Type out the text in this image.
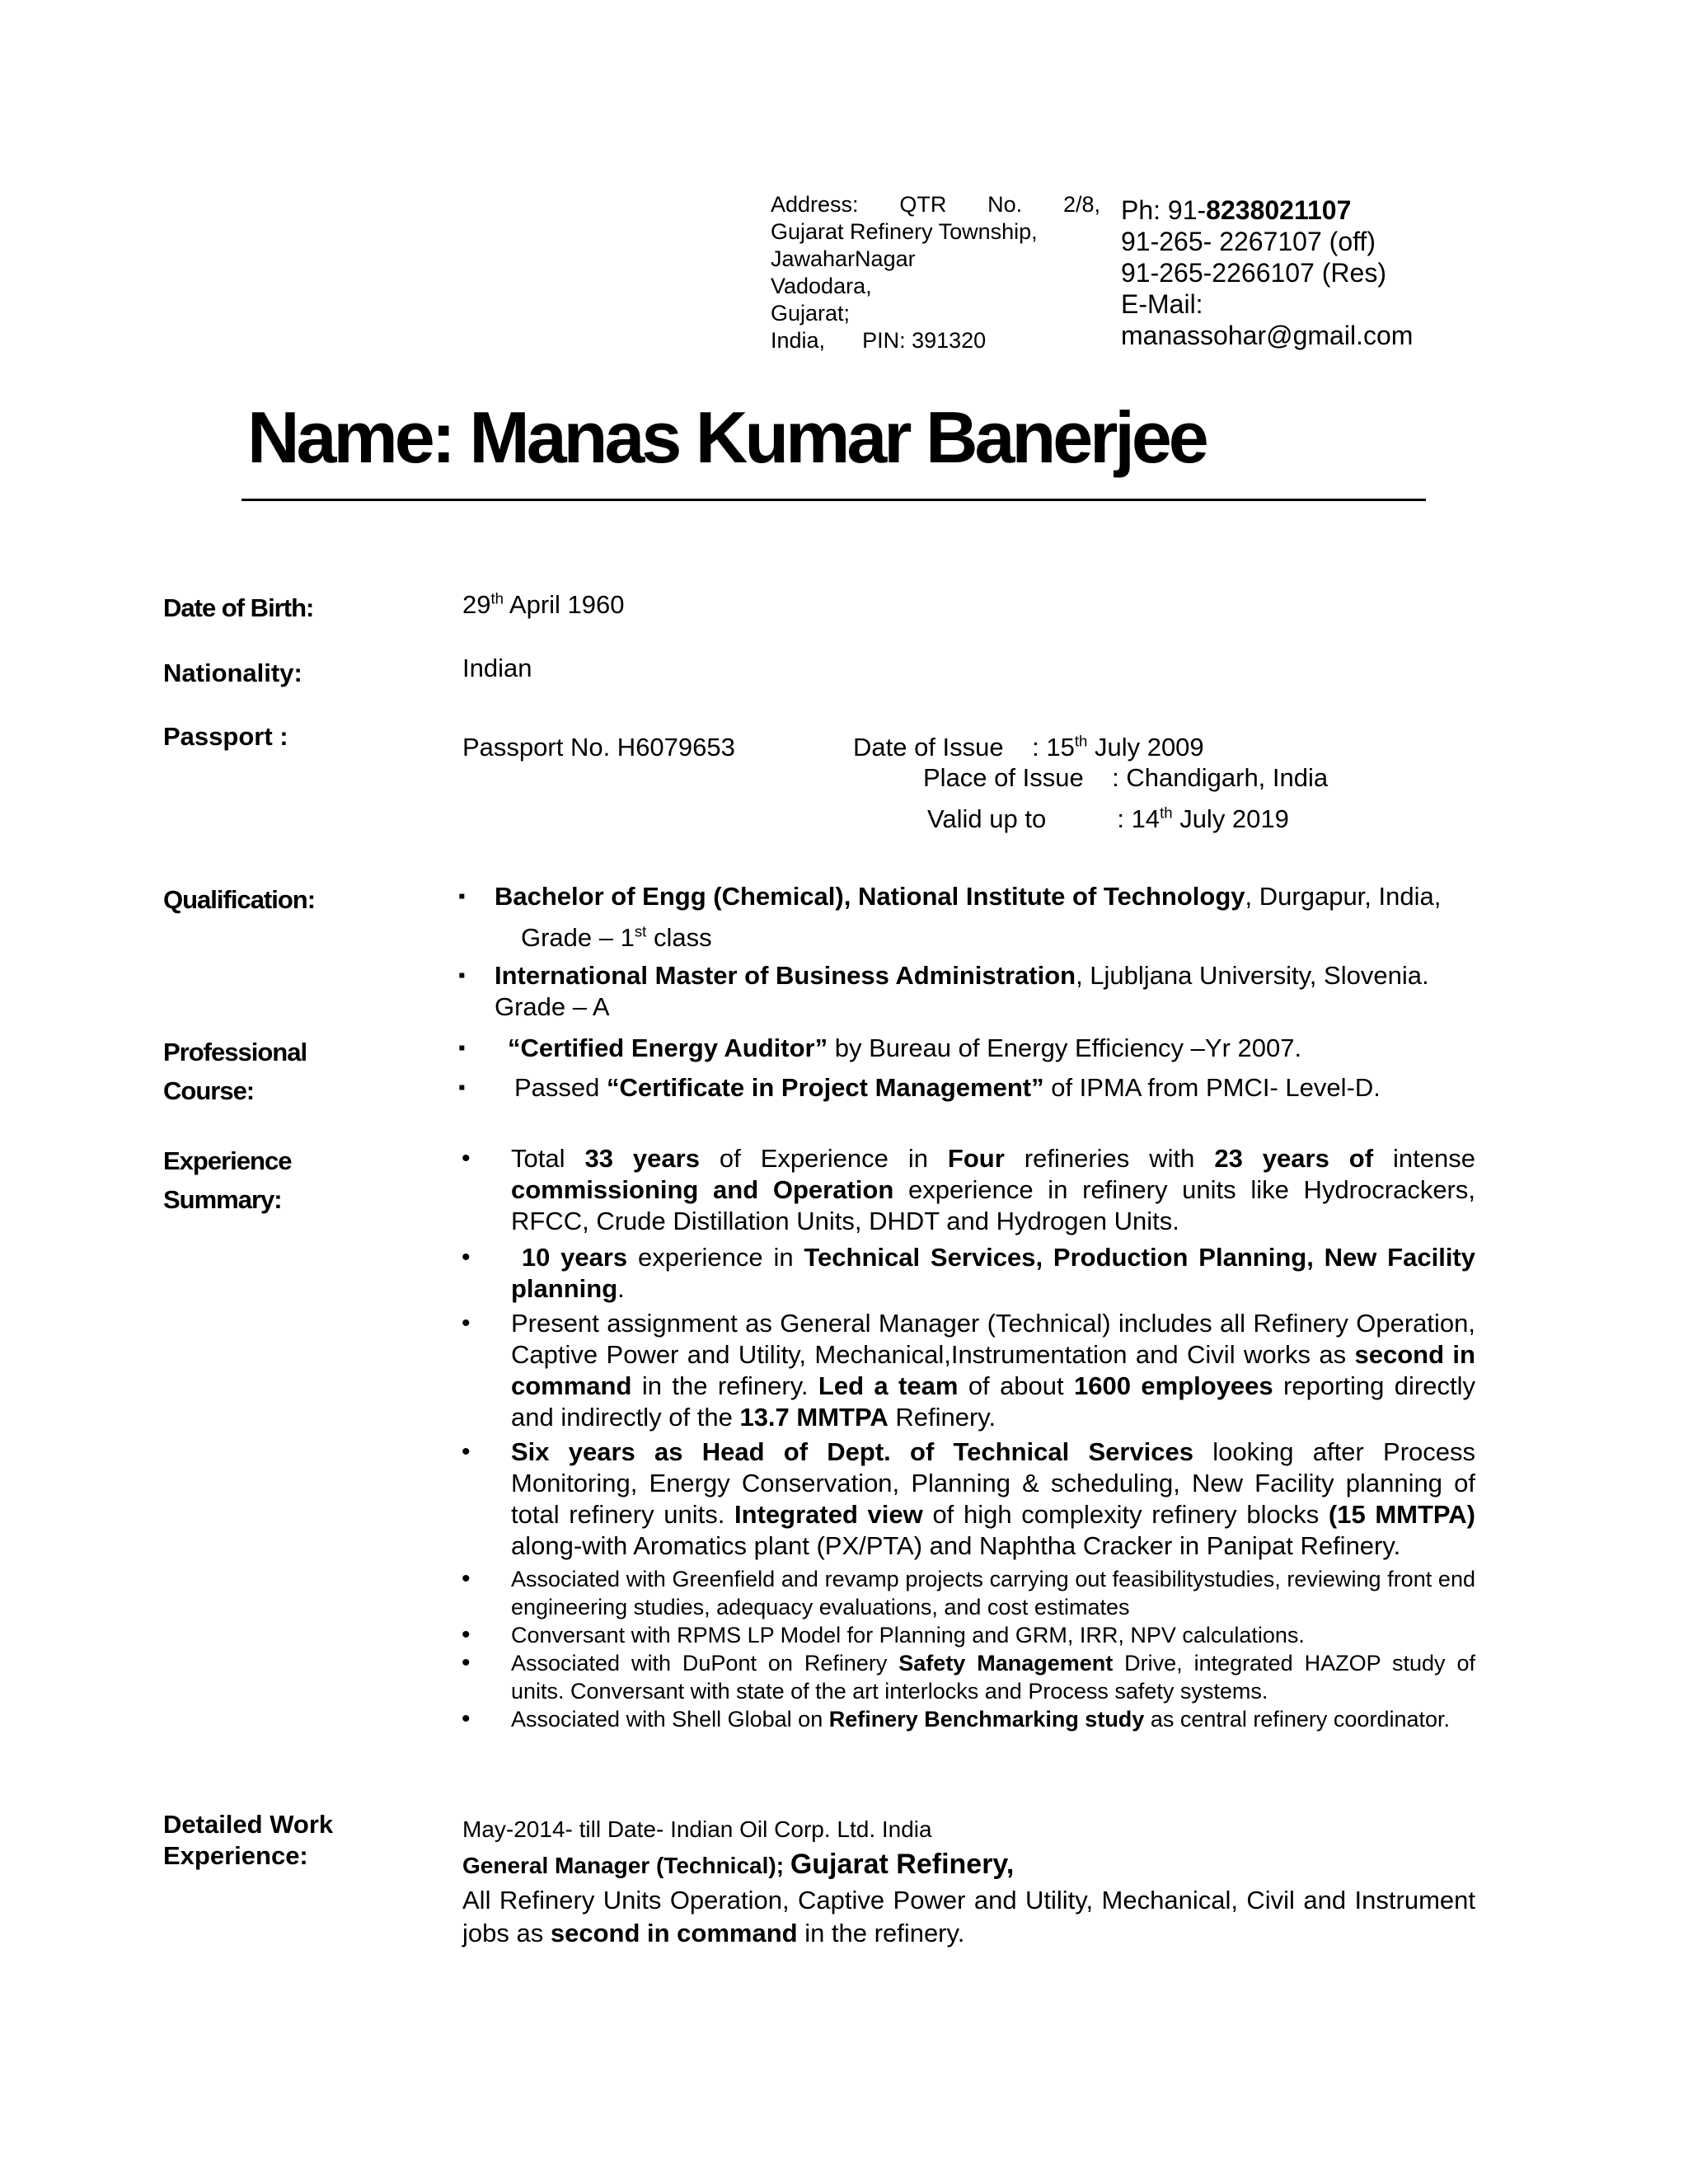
Address: QTR No. 2/8,
Gujarat Refinery Township,
JawaharNagar
Vadodara,
Gujarat;
India, PIN: 391320
Ph: 91-8238021107
91-265- 2267107 (off)
91-265-2266107 (Res)
E-Mail:
manassohar@gmail.com
Name: Manas Kumar Banerjee
Date of Birth:	29th April 1960
Nationality:	Indian
Passport :	Passport No. H6079653	Date of Issue : 15th July 2009
Place of Issue : Chandigarh, India
Valid up to	: 14th July 2019
Qualification:
▪	Bachelor of Engg (Chemical), National Institute of Technology, Durgapur, India,
Grade – 1st class
▪ International Master of Business Administration, Ljubljana University, Slovenia.
Grade – A
Professional
Course:
▪ “Certified Energy Auditor” by Bureau of Energy Efficiency –Yr 2007.
▪ Passed “Certificate in Project Management” of IPMA from PMCI- Level-D.
Experience
Summary:
• Total 33 years of Experience in Four refineries with 23 years of intense commissioning and Operation experience in refinery units like Hydrocrackers, RFCC, Crude Distillation Units, DHDT and Hydrogen Units.
• 10 years experience in Technical Services, Production Planning, New Facility planning.
• Present assignment as General Manager (Technical) includes all Refinery Operation, Captive Power and Utility, Mechanical,Instrumentation and Civil works as second in command in the refinery. Led a team of about 1600 employees reporting directly and indirectly of the 13.7 MMTPA Refinery.
• Six years as Head of Dept. of Technical Services looking after Process Monitoring, Energy Conservation, Planning & scheduling, New Facility planning of total refinery units. Integrated view of high complexity refinery blocks (15 MMTPA) along-with Aromatics plant (PX/PTA) and Naphtha Cracker in Panipat Refinery.
• Associated with Greenfield and revamp projects carrying out feasibilitystudies, reviewing front end engineering studies, adequacy evaluations, and cost estimates
• Conversant with RPMS LP Model for Planning and GRM, IRR, NPV calculations.
• Associated with DuPont on Refinery Safety Management Drive, integrated HAZOP study of units. Conversant with state of the art interlocks and Process safety systems.
• Associated with Shell Global on Refinery Benchmarking study as central refinery coordinator.
Detailed Work
Experience:
May-2014- till Date- Indian Oil Corp. Ltd. India
General Manager (Technical); Gujarat Refinery,
All Refinery Units Operation, Captive Power and Utility, Mechanical, Civil and Instrument jobs as second in command in the refinery.
